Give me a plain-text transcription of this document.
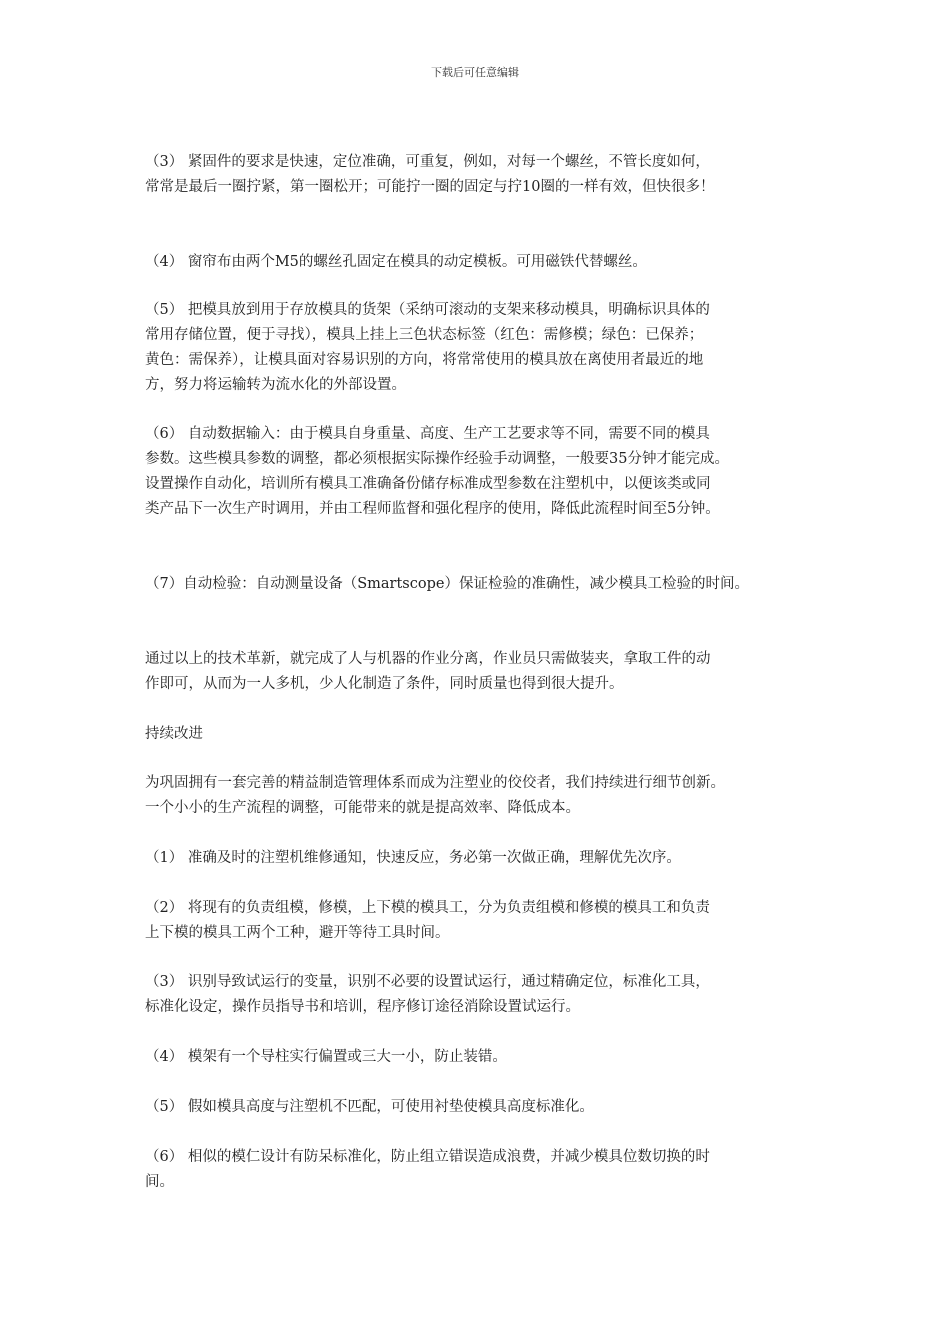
下载后可任意编辑
（3） 紧固件的要求是快速，定位准确，可重复，例如，对每一个螺丝，不管长度如何，
常常是最后一圈拧紧，第一圈松开；可能拧一圈的固定与拧10圈的一样有效，但快很多！
（4） 窗帘布由两个M5的螺丝孔固定在模具的动定模板。可用磁铁代替螺丝。
（5） 把模具放到用于存放模具的货架（采纳可滚动的支架来移动模具，明确标识具体的
常用存储位置，便于寻找），模具上挂上三色状态标签（红色：需修模；绿色：已保养；
黄色：需保养），让模具面对容易识别的方向，将常常使用的模具放在离使用者最近的地
方，努力将运输转为流水化的外部设置。
（6） 自动数据输入：由于模具自身重量、高度、生产工艺要求等不同，需要不同的模具
参数。这些模具参数的调整，都必须根据实际操作经验手动调整，一般要35分钟才能完成。
设置操作自动化，培训所有模具工准确备份储存标准成型参数在注塑机中，以便该类或同
类产品下一次生产时调用，并由工程师监督和强化程序的使用，降低此流程时间至5分钟。
（7）自动检验：自动测量设备（Smartscope）保证检验的准确性，减少模具工检验的时间。
通过以上的技术革新，就完成了人与机器的作业分离，作业员只需做装夹，拿取工件的动
作即可，从而为一人多机，少人化制造了条件，同时质量也得到很大提升。
持续改进
为巩固拥有一套完善的精益制造管理体系而成为注塑业的佼佼者，我们持续进行细节创新。
一个小小的生产流程的调整，可能带来的就是提高效率、降低成本。
（1） 准确及时的注塑机维修通知，快速反应，务必第一次做正确，理解优先次序。
（2） 将现有的负责组模，修模，上下模的模具工，分为负责组模和修模的模具工和负责
上下模的模具工两个工种，避开等待工具时间。
（3） 识别导致试运行的变量，识别不必要的设置试运行，通过精确定位，标准化工具，
标准化设定，操作员指导书和培训，程序修订途径消除设置试运行。
（4） 模架有一个导柱实行偏置或三大一小，防止装错。
（5） 假如模具高度与注塑机不匹配，可使用衬垫使模具高度标准化。
（6） 相似的模仁设计有防呆标准化，防止组立错误造成浪费，并减少模具位数切换的时
间。
